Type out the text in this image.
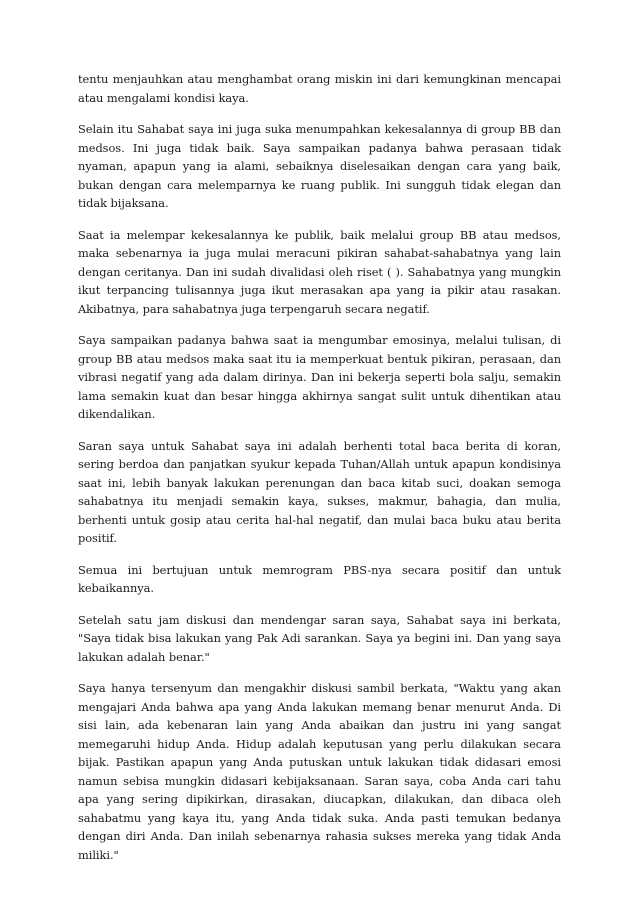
tentu menjauhkan atau menghambat orang miskin ini dari kemungkinan mencapai atau mengalami kondisi kaya.

Selain itu Sahabat saya ini juga suka menumpahkan kekesalannya di group BB dan medsos. Ini juga tidak baik. Saya sampaikan padanya bahwa perasaan tidak nyaman, apapun yang ia alami, sebaiknya diselesaikan dengan cara yang baik, bukan dengan cara melemparnya ke ruang publik. Ini sungguh tidak elegan dan tidak bijaksana.

Saat ia melempar kekesalannya ke publik, baik melalui group BB atau medsos, maka sebenarnya ia juga mulai meracuni pikiran sahabat-sahabatnya yang lain dengan ceritanya. Dan ini sudah divalidasi oleh riset ( ). Sahabatnya yang mungkin ikut terpancing tulisannya juga ikut merasakan apa yang ia pikir atau rasakan. Akibatnya, para sahabatnya juga terpengaruh secara negatif.

Saya sampaikan padanya bahwa saat ia mengumbar emosinya, melalui tulisan, di group BB atau medsos maka saat itu ia memperkuat bentuk pikiran, perasaan, dan vibrasi negatif yang ada dalam dirinya. Dan ini bekerja seperti bola salju, semakin lama semakin kuat dan besar hingga akhirnya sangat sulit untuk dihentikan atau dikendalikan.

Saran saya untuk Sahabat saya ini adalah berhenti total baca berita di koran, sering berdoa dan panjatkan syukur kepada Tuhan/Allah untuk apapun kondisinya saat ini, lebih banyak lakukan perenungan dan baca kitab suci, doakan semoga sahabatnya itu menjadi semakin kaya, sukses, makmur, bahagia, dan mulia, berhenti untuk gosip atau cerita hal-hal negatif, dan mulai baca buku atau berita positif.

Semua ini bertujuan untuk memrogram PBS-nya secara positif dan untuk kebaikannya.

Setelah satu jam diskusi dan mendengar saran saya, Sahabat saya ini berkata, "Saya tidak bisa lakukan yang Pak Adi sarankan. Saya ya begini ini. Dan yang saya lakukan adalah benar."

Saya hanya tersenyum dan mengakhir diskusi sambil berkata, "Waktu yang akan mengajari Anda bahwa apa yang Anda lakukan memang benar menurut Anda. Di sisi lain, ada kebenaran lain yang Anda abaikan dan justru ini yang sangat memegaruhi hidup Anda. Hidup adalah keputusan yang perlu dilakukan secara bijak. Pastikan apapun yang Anda putuskan untuk lakukan tidak didasari emosi namun sebisa mungkin didasari kebijaksanaan. Saran saya, coba Anda cari tahu apa yang sering dipikirkan, dirasakan, diucapkan, dilakukan, dan dibaca oleh sahabatmu yang kaya itu, yang Anda tidak suka. Anda pasti temukan bedanya dengan diri Anda. Dan inilah sebenarnya rahasia sukses mereka yang tidak Anda miliki."
